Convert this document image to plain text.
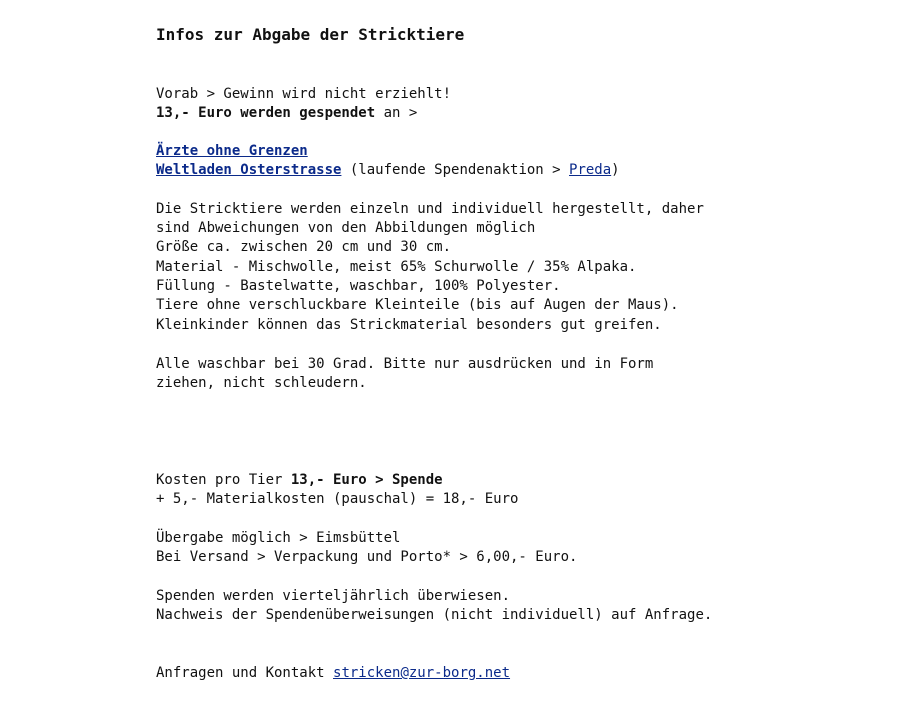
Infos zur Abgabe der Stricktiere
Vorab > Gewinn wird nicht erziehlt!
13,- Euro werden gespendet an >
Ärzte ohne Grenzen
Weltladen Osterstrasse (laufende Spendenaktion > Preda)
Die Stricktiere werden einzeln und individuell hergestellt, daher
sind Abweichungen von den Abbildungen möglich
Größe ca. zwischen 20 cm und 30 cm.
Material - Mischwolle, meist 65% Schurwolle / 35% Alpaka.
Füllung - Bastelwatte, waschbar, 100% Polyester.
Tiere ohne verschluckbare Kleinteile (bis auf Augen der Maus).
Kleinkinder können das Strickmaterial besonders gut greifen.
Alle waschbar bei 30 Grad. Bitte nur ausdrücken und in Form
ziehen, nicht schleudern.
Kosten pro Tier 13,- Euro > Spende
+ 5,- Materialkosten (pauschal) = 18,- Euro
Übergabe möglich > Eimsbüttel
Bei Versand > Verpackung und Porto* > 6,00,- Euro.
Spenden werden vierteljährlich überwiesen.
Nachweis der Spendenüberweisungen (nicht individuell) auf Anfrage.
Anfragen und Kontakt stricken@zur-borg.net
